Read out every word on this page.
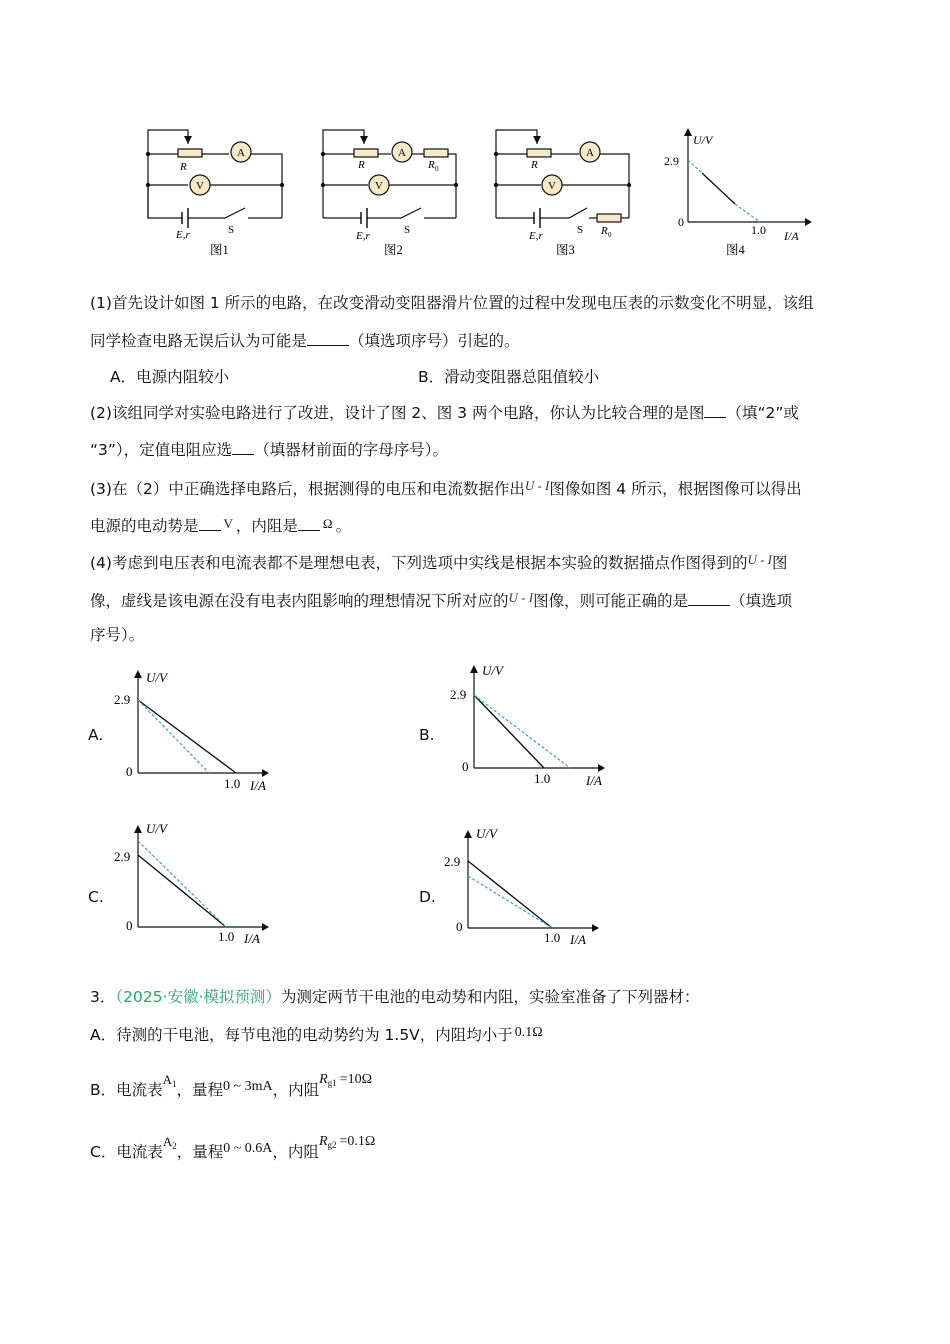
R
A
V
E,r	S
图1
R
A
R 0
V
E,r	S
图2
R
A
V
E,r	S R 0
图3
U/V
2.9
0
1.0 I/A
图4
(1)首先设计如图 1 所示的电路，在改变滑动变阻器滑片位置的过程中发现电压表的示数变化不明显，该组
同学检查电路无误后认为可能是	（填选项序号）引起的。
A．电源内阻较小	B．滑动变阻器总阻值较小
(2)该组同学对实验电路进行了改进，设计了图 2、图 3 两个电路，你认为比较合理的是图 （填“2”或
“3”），定值电阻应选 （填器材前面的字母序号）。
(3)在（2）中正确选择电路后，根据测得的电压和电流数据作出$^{U - I}$图像如图 4 所示，根据图像可以得出
电源的电动势是 V ，内阻是 Ω 。
(4)考虑到电压表和电流表都不是理想电表，下列选项中实线是根据本实验的数据描点作图得到的$^{U - I}$图
像，虚线是该电源在没有电表内阻影响的理想情况下所对应的$^{U - I}$图像，则可能正确的是	（填选项
序号）。
A.
U/V
2.9
0
1.0 I/A
B.
U/V
2.9
0
1.0	I/A
C.
U/V
2.9
0
1.0 I/A
D.
U/V
2.9
0
1.0 I/A
3．（2025·安徽·模拟预测）为测定两节干电池的电动势和内阻，实验室准备了下列器材：
A．待测的干电池，每节电池的电动势约为 1.5V，内阻均小于 0.1Ω
B．电流表$^{A_1}$，量程0 ~ 3mA，内阻$R_{g1} =10\Omega$
C．电流表$^{A_2}$，量程0 ~ 0.6A，内阻$R_{g2} =0.1\Omega$
